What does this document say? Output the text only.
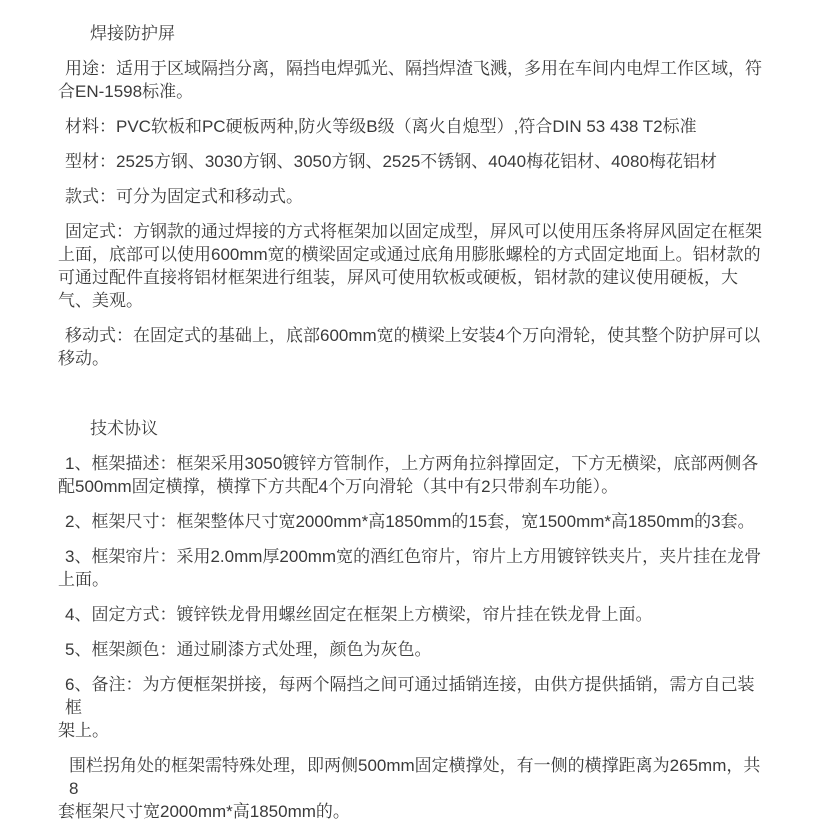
焊接防护屏
用途：适用于区域隔挡分离，隔挡电焊弧光、隔挡焊渣飞溅，多用在车间内电焊工作区域，符
合EN-1598标准。
材料：PVC软板和PC硬板两种,防火等级B级（离火自熄型）,符合DIN 53 438 T2标准
型材：2525方钢、3030方钢、3050方钢、2525不锈钢、4040梅花铝材、4080梅花铝材
款式：可分为固定式和移动式。
固定式：方钢款的通过焊接的方式将框架加以固定成型，屏风可以使用压条将屏风固定在框架
上面，底部可以使用600mm宽的横梁固定或通过底角用膨胀螺栓的方式固定地面上。铝材款的
可通过配件直接将铝材框架进行组装，屏风可使用软板或硬板，铝材款的建议使用硬板，大
气、美观。
移动式：在固定式的基础上，底部600mm宽的横梁上安装4个万向滑轮，使其整个防护屏可以
移动。
技术协议
1、框架描述：框架采用3050镀锌方管制作，上方两角拉斜撑固定，下方无横梁，底部两侧各
配500mm固定横撑，横撑下方共配4个万向滑轮（其中有2只带刹车功能）。
2、框架尺寸：框架整体尺寸宽2000mm*高1850mm的15套，宽1500mm*高1850mm的3套。
3、框架帘片：采用2.0mm厚200mm宽的酒红色帘片，帘片上方用镀锌铁夹片，夹片挂在龙骨
上面。
4、固定方式：镀锌铁龙骨用螺丝固定在框架上方横梁，帘片挂在铁龙骨上面。
5、框架颜色：通过刷漆方式处理，颜色为灰色。
6、备注：为方便框架拼接，每两个隔挡之间可通过插销连接，由供方提供插销，需方自己装框
架上。
围栏拐角处的框架需特殊处理，即两侧500mm固定横撑处，有一侧的横撑距离为265mm，共8
套框架尺寸宽2000mm*高1850mm的。
